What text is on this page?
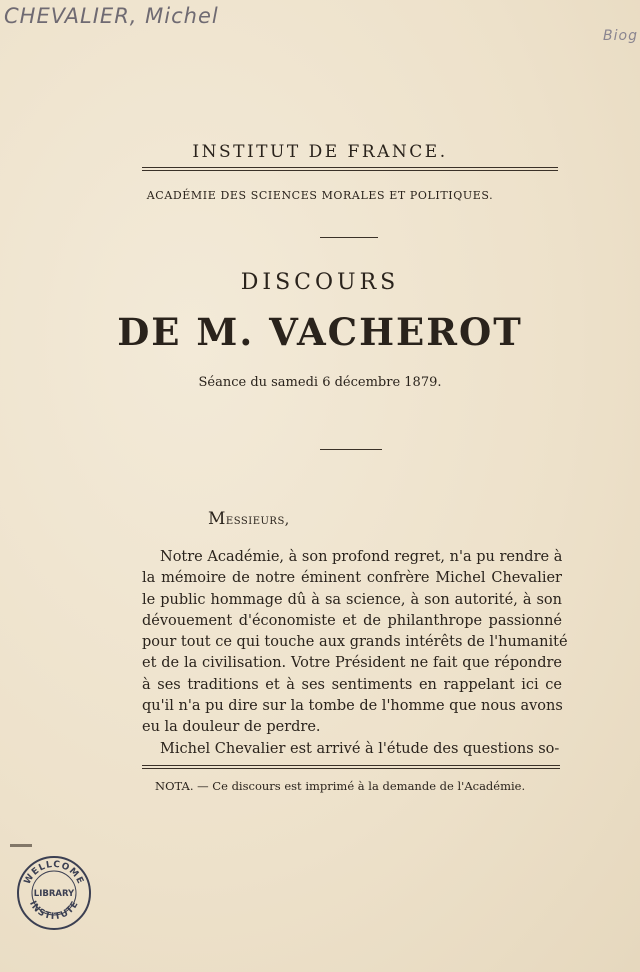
CHEVALIER, Michel
Biog
INSTITUT DE FRANCE.
ACADÉMIE DES SCIENCES MORALES ET POLITIQUES.
DISCOURS
DE M. VACHEROT
Séance du samedi 6 décembre 1879.
Messieurs,
Notre Académie, à son profond regret, n'a pu rendre à
la mémoire de notre éminent confrère Michel Chevalier
le public hommage dû à sa science, à son autorité, à son
dévouement d'économiste et de philanthrope passionné
pour tout ce qui touche aux grands intérêts de l'humanité
et de la civilisation. Votre Président ne fait que répondre
à ses traditions et à ses sentiments en rappelant ici ce
qu'il n'a pu dire sur la tombe de l'homme que nous avons
eu la douleur de perdre.
Michel Chevalier est arrivé à l'étude des questions so-
NOTA. — Ce discours est imprimé à la demande de l'Académie.
WELLCOME
LIBRARY
INSTITUTE
